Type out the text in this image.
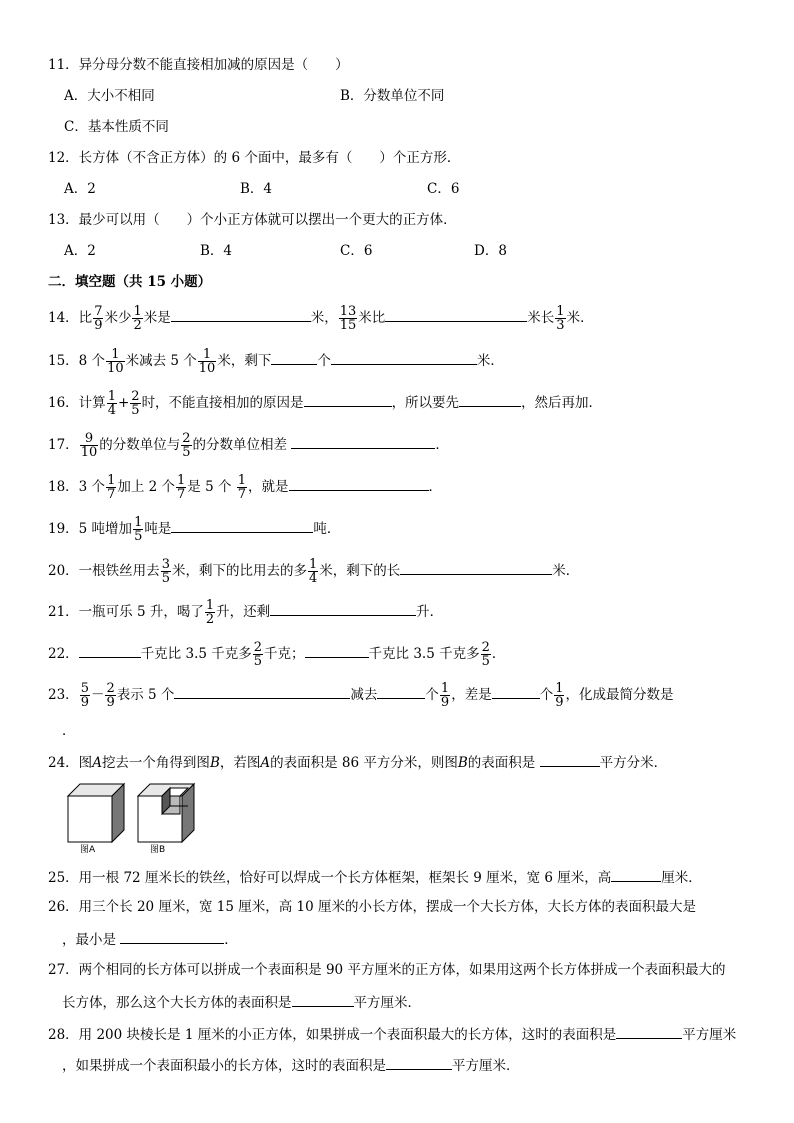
11．异分母分数不能直接相加减的原因是（　　）
A．大小不相同	B．分数单位不同
C．基本性质不同
12．长方体（不含正方体）的 6 个面中，最多有（　　）个正方形．
A．2	B．4	C．6
13．最少可以用（　　）个小正方体就可以摆出一个更大的正方体．
A．2	B．4	C．6	D．8
二．填空题（共 15 小题）
14．比 $\frac{7}{9}$ 米少 $\frac{1}{2}$ 米是	米， $\frac{13}{15}$ 米比	米长 $\frac{1}{3}$ 米．
15．8 个 $\frac{1}{10}$ 米减去 5 个 $\frac{1}{10}$ 米，剩下	个	米．
16．计算 $\frac{1}{4} + \frac{2}{5}$ 时，不能直接相加的原因是	，所以要先	，然后再加．
17． $\frac{9}{10}$ 的分数单位与 $\frac{2}{5}$ 的分数单位相差	．
18．3 个 $\frac{1}{7}$ 加上 2 个 $\frac{1}{7}$ 是 5 个 $\frac{1}{7}$ ，就是	．
19．5 吨增加 $\frac{1}{5}$ 吨是	吨．
20．一根铁丝用去 $\frac{3}{5}$ 米，剩下的比用去的多 $\frac{1}{4}$ 米，剩下的长	米．
21．一瓶可乐 5 升，喝了 $\frac{1}{2}$ 升，还剩	升．
22．	千克比 3.5 千克多 $\frac{2}{5}$ 千克；	千克比 3.5 千克多 $\frac{2}{5}$ ．
23． $\frac{5}{9} - \frac{2}{9}$ 表示 5 个	减去	个 $\frac{1}{9}$ ，差是	个 $\frac{1}{9}$ ，化成最简分数是
．
24．图A挖去一个角得到图B，若图A的表面积是 86 平方分米，则图B的表面积是	平方分米．
图A	图B
25．用一根 72 厘米长的铁丝，恰好可以焊成一个长方体框架，框架长 9 厘米，宽 6 厘米，高	厘米．
26．用三个长 20 厘米，宽 15 厘米，高 10 厘米的小长方体，摆成一个大长方体，大长方体的表面积最大是
，最小是	．
27．两个相同的长方体可以拼成一个表面积是 90 平方厘米的正方体，如果用这两个长方体拼成一个表面积最大的
长方体，那么这个大长方体的表面积是	平方厘米．
28．用 200 块棱长是 1 厘米的小正方体，如果拼成一个表面积最大的长方体，这时的表面积是	平方厘米
，如果拼成一个表面积最小的长方体，这时的表面积是	平方厘米．
